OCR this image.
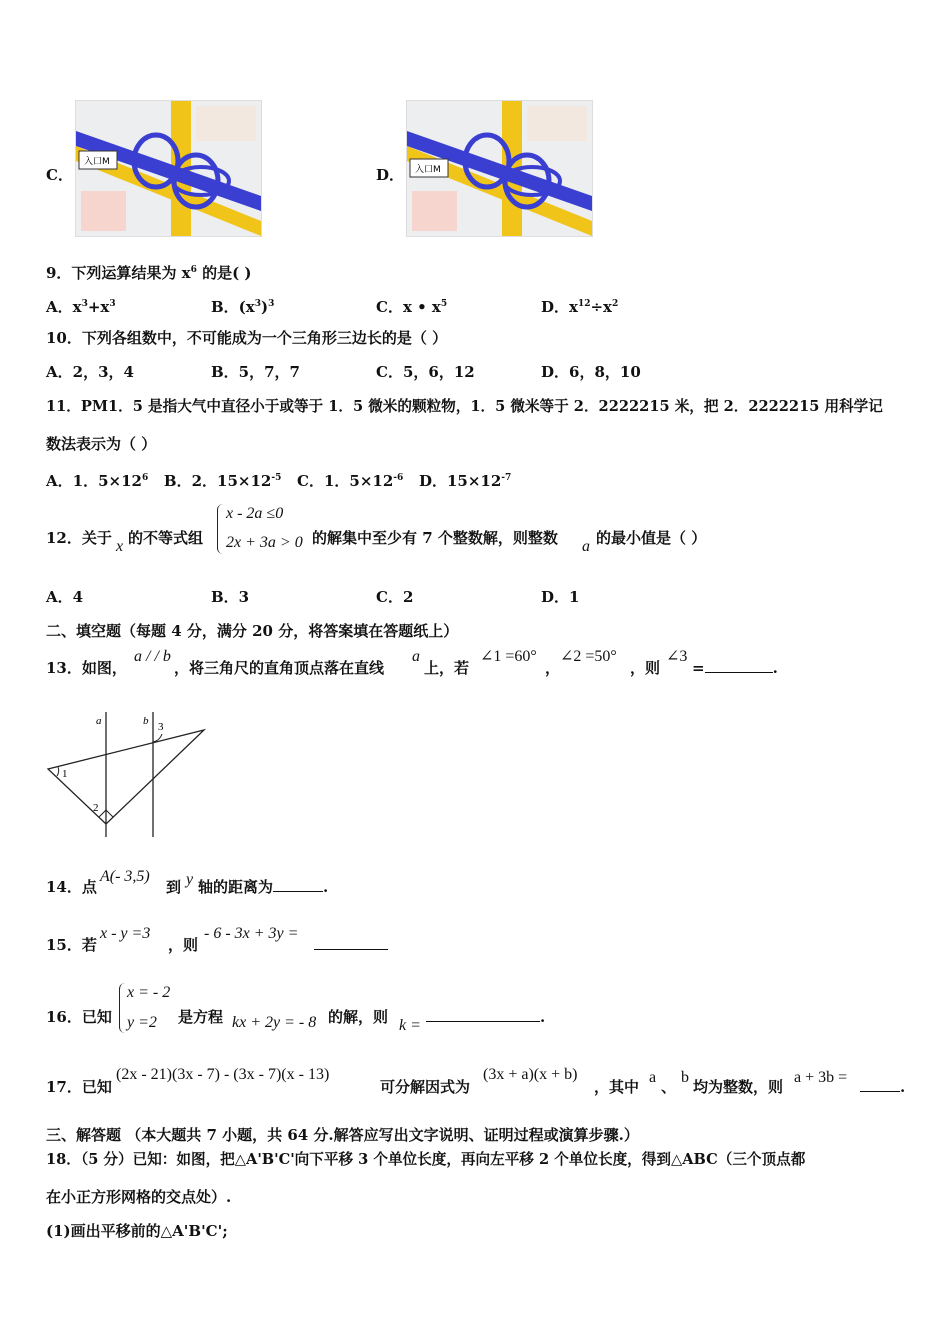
C．
入口M
D． 入口M
9．下列运算结果为 $x^6$ 的是( )
A．$x^3+x^3$	B．$(x^3)^3$	C．x • $x^5$	D．$x^{12}\div x^2$
10．下列各组数中，不可能成为一个三角形三边长的是（ ）
A．2，3，4	B．5，7，7	C．5，6，12	D．6，8，10
11．PM1．5 是指大气中直径小于或等于 1．5 微米的颗粒物，1．5 微米等于 2．2222215 米，把 2．2222215 用科学记
数法表示为（ ）
A．1．$5\times 12^6$ B．2．$15\times 12^{-5}$ C．1．$5\times 12^{-6}$ D．$15\times 12^{-7}$
12．关于 x 的不等式组
x - 2a ≤0
2x + 3a > 0 的解集中至少有 7 个整数解，则整数 a 的最小值是（ ）
A．4	B．3	C．2	D．1
二、填空题（每题 4 分，满分 20 分，将答案填在答题纸上）
13．如图，
a / / b
，将三角尺的直角顶点落在直线
a
上，若
∠1 =60°
，
∠2 =50°
，则
∠3
=	.
a	b
1
2
3
14．点
A(- 3,5)
到 y 轴的距离为	.
15．若
x - y =3
，则
- 6 - 3x + 3y =
16．已知
x = - 2
y =2 是方程 kx + 2y = - 8 的解，则 k =	.
17．已知
(2x - 21)(3x - 7) - (3x - 7)(x - 13)
可分解因式为
(3x + a)(x + b)
，其中
a
、
b
均为整数，则
a + 3b =
.
三、解答题 （本大题共 7 小题，共 64 分.解答应写出文字说明、证明过程或演算步骤.）
18．（5 分）已知：如图，把△A'B'C'向下平移 3 个单位长度，再向左平移 2 个单位长度，得到△ABC（三个顶点都
在小正方形网格的交点处）.
(1)画出平移前的△A'B'C';
